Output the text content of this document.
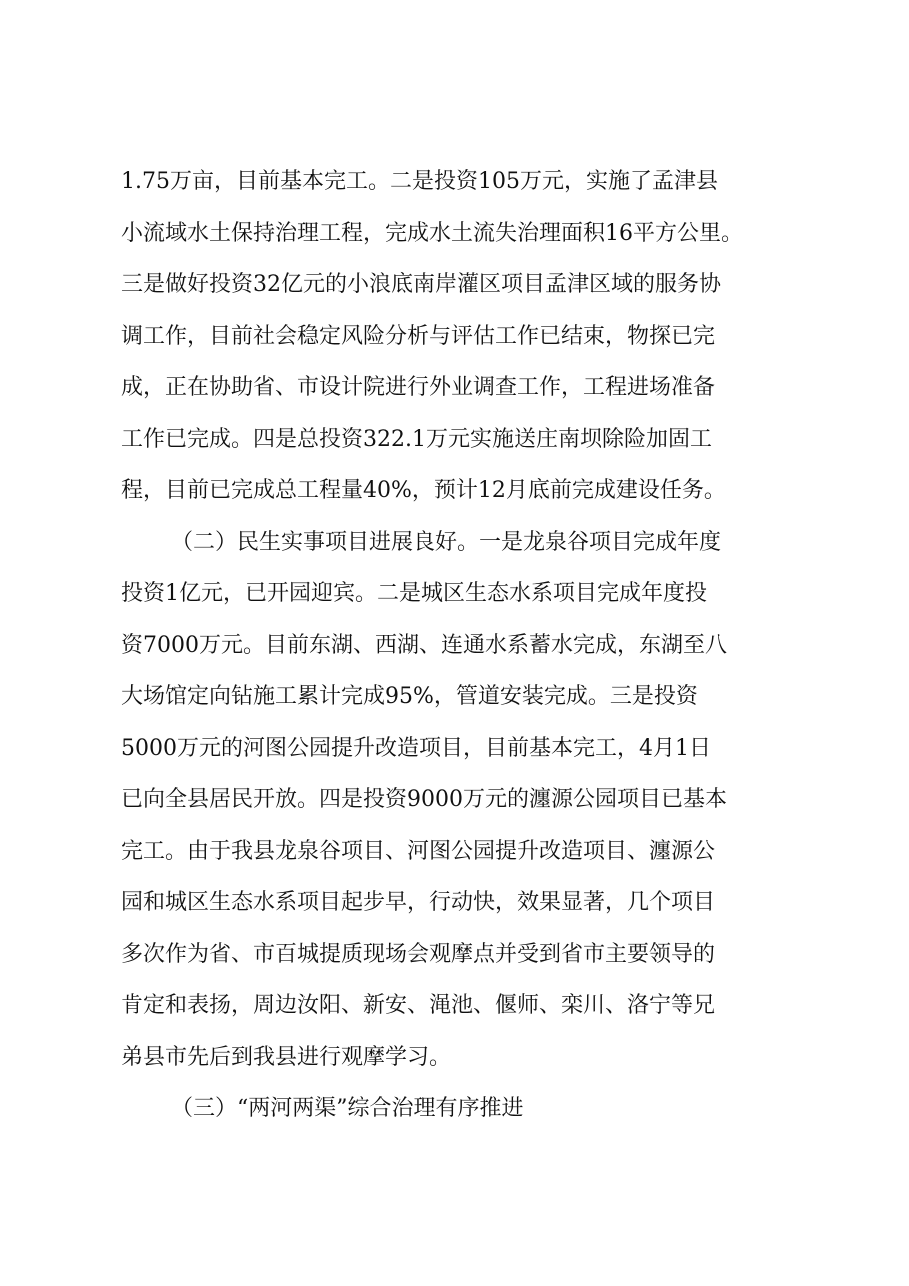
1.75万亩，目前基本完工。二是投资105万元，实施了孟津县
小流域水土保持治理工程，完成水土流失治理面积16平方公里。
三是做好投资32亿元的小浪底南岸灌区项目孟津区域的服务协
调工作，目前社会稳定风险分析与评估工作已结束，物探已完
成，正在协助省、市设计院进行外业调查工作，工程进场准备
工作已完成。四是总投资322.1万元实施送庄南坝除险加固工
程，目前已完成总工程量40%，预计12月底前完成建设任务。
（二）民生实事项目进展良好。一是龙泉谷项目完成年度
投资1亿元，已开园迎宾。二是城区生态水系项目完成年度投
资7000万元。目前东湖、西湖、连通水系蓄水完成，东湖至八
大场馆定向钻施工累计完成95%，管道安装完成。三是投资
5000万元的河图公园提升改造项目，目前基本完工，4月1日
已向全县居民开放。四是投资9000万元的瀍源公园项目已基本
完工。由于我县龙泉谷项目、河图公园提升改造项目、瀍源公
园和城区生态水系项目起步早，行动快，效果显著，几个项目
多次作为省、市百城提质现场会观摩点并受到省市主要领导的
肯定和表扬，周边汝阳、新安、渑池、偃师、栾川、洛宁等兄
弟县市先后到我县进行观摩学习。
（三）“两河两渠”综合治理有序推进
